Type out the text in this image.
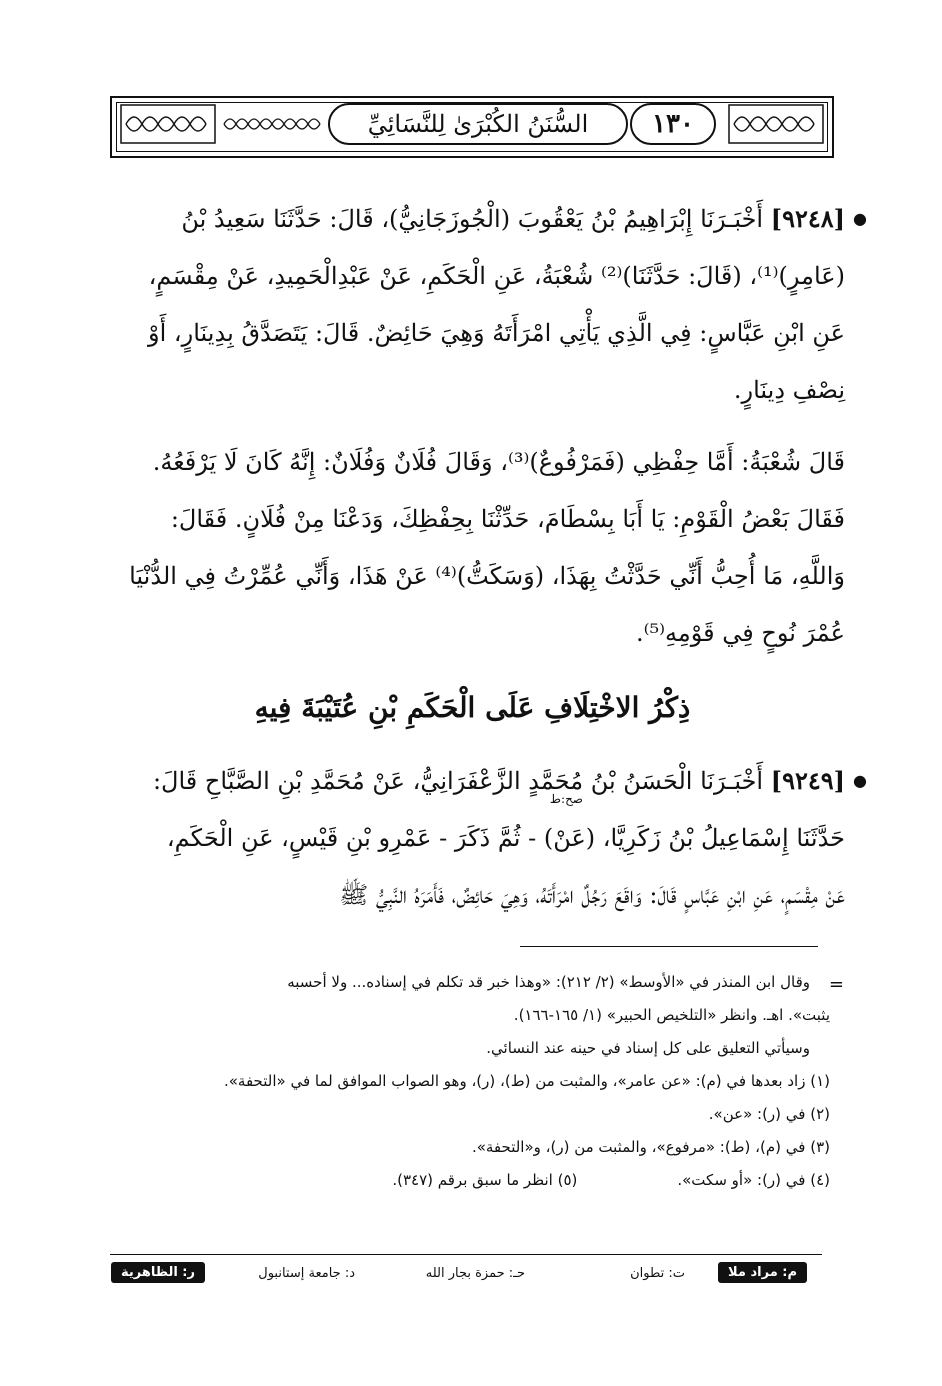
السُّنَنُ الكُبْرَىٰ لِلنَّسَائِيِّ	١٣٠
●
[٩٢٤٨] أَخْبَـرَنَا إِبْرَاهِيمُ بْنُ يَعْقُوبَ (الْجُوزَجَانِيُّ)، قَالَ: حَدَّثَنَا سَعِيدُ بْنُ
(عَامِرٍ)⁽¹⁾، (قَالَ: حَدَّثَنَا)⁽²⁾ شُعْبَةُ، عَنِ الْحَكَمِ، عَنْ عَبْدِالْحَمِيدِ، عَنْ مِقْسَمٍ،
عَنِ ابْنِ عَبَّاسٍ: فِي الَّذِي يَأْتِي امْرَأَتَهُ وَهِيَ حَائِضٌ. قَالَ: يَتَصَدَّقُ بِدِينَارٍ، أَوْ
نِصْفِ دِينَارٍ.
قَالَ شُعْبَةُ: أَمَّا حِفْظِي (فَمَرْفُوعٌ)⁽³⁾، وَقَالَ فُلَانٌ وَفُلَانٌ: إِنَّهُ كَانَ لَا يَرْفَعُهُ.
فَقَالَ بَعْضُ الْقَوْمِ: يَا أَبَا بِسْطَامَ، حَدِّثْنَا بِحِفْظِكَ، وَدَعْنَا مِنْ فُلَانٍ. فَقَالَ:
وَاللَّهِ، مَا أُحِبُّ أَنِّي حَدَّثْتُ بِهَذَا، (وَسَكَتُّ)⁽⁴⁾ عَنْ هَذَا، وَأَنِّي عُمِّرْتُ فِي الدُّنْيَا
عُمْرَ نُوحٍ فِي قَوْمِهِ⁽⁵⁾.
ذِكْرُ الاخْتِلَافِ عَلَى الْحَكَمِ بْنِ عُتَيْبَةَ فِيهِ
●
[٩٢٤٩] أَخْبَـرَنَا الْحَسَنُ بْنُ مُحَمَّدٍ الزَّعْفَرَانِيُّ، عَنْ مُحَمَّدِ بْنِ الصَّبَّاحِ قَالَ:
صح:ط
حَدَّثَنَا إِسْمَاعِيلُ بْنُ زَكَرِيَّا، (عَنْ) - ثُمَّ ذَكَرَ - عَمْرِو بْنِ قَيْسٍ، عَنِ الْحَكَمِ،
عَنْ مِقْسَمٍ، عَنِ ابْنِ عَبَّاسٍ قَالَ: وَاقَعَ رَجُلٌ امْرَأَتَهُ، وَهِيَ حَائِضٌ، فَأَمَرَهُ النَّبِيُّ ﷺ
=
وقال ابن المنذر في «الأوسط» (٢/ ٢١٢): «وهذا خبر قد تكلم في إسناده... ولا أحسبه
يثبت». اهـ. وانظر «التلخيص الحبير» (١/ ١٦٥-١٦٦).
وسيأتي التعليق على كل إسناد في حينه عند النسائي.
(١) زاد بعدها في (م): «عن عامر»، والمثبت من (ط)، (ر)، وهو الصواب الموافق لما في «التحفة».
(٢) في (ر): «عن».
(٣) في (م)، (ط): «مرفوع»، والمثبت من (ر)، و«التحفة».
(٤) في (ر): «أو سكت».
(٥) انظر ما سبق برقم (٣٤٧).
م: مراد ملا
ت: تطوان
حـ: حمزة بجار الله
د: جامعة إستانبول
ر: الظاهرية
